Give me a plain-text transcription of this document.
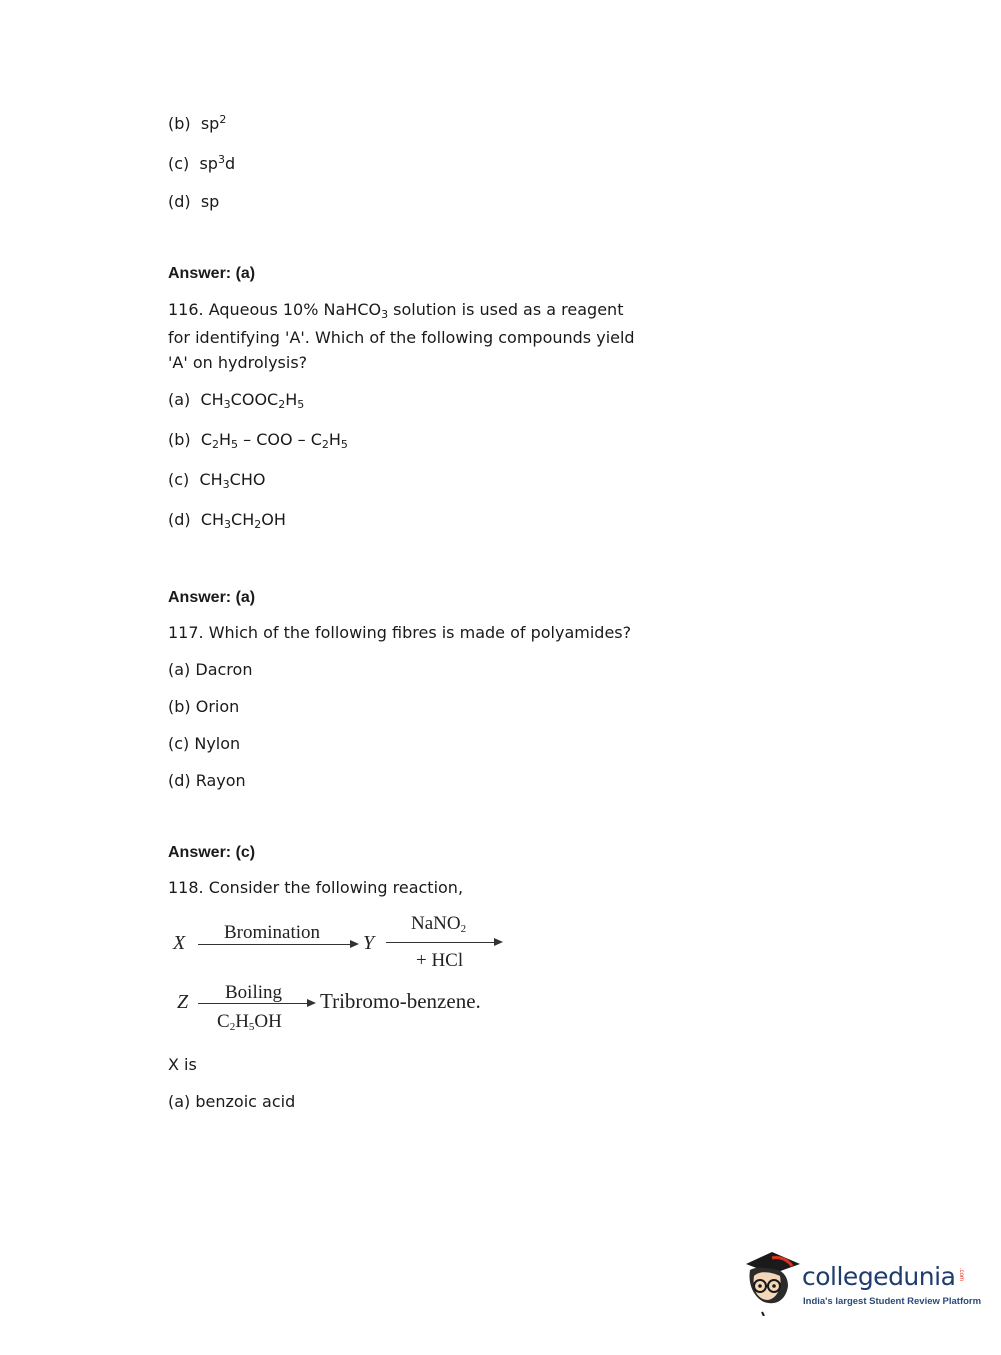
(b) $sp^2$
(c) $sp^3d$
(d) sp
Answer: (a)
116. Aqueous 10% NaHCO$_3$ solution is used as a reagent
for identifying 'A'. Which of the following compounds yield
'A' on hydrolysis?
(a) $CH_3COOC_2H_5$
(b) $C_2H_5$ – COO – $C_2H_5$
(c) $CH_3CHO$
(d) $CH_3CH_2OH$
Answer: (a)
117. Which of the following fibres is made of polyamides?
(a) Dacron
(b) Orion
(c) Nylon
(d) Rayon
Answer: (c)
118. Consider the following reaction,
X Bromination Y
NaNO$_2$
+ HCl
Z Boiling
$C_2H_5OH$
Tribromo-benzene.
X is
(a) benzoic acid
collegedunia .com
India's largest Student Review Platform
